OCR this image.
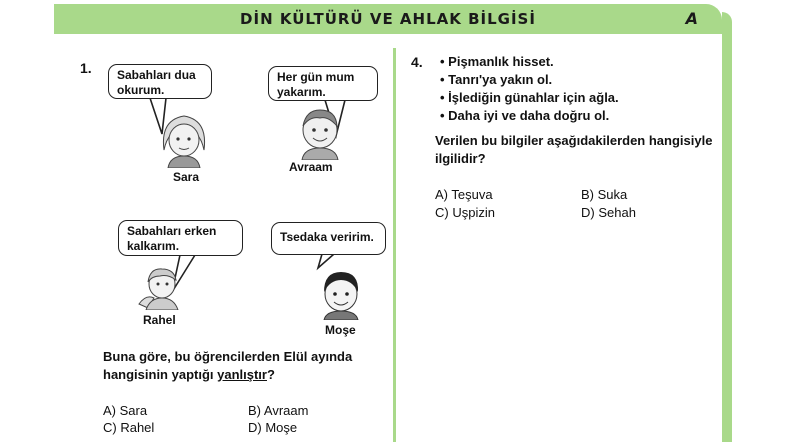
DİN KÜLTÜRÜ VE AHLAK BİLGİSİ	A
1. Sabahları dua
okurum.
Her gün mum
yakarım.
Sabahları erken
kalkarım.
Tsedaka veririm.
Sara
Avraam
Rahel
Moşe
Buna göre, bu öğrencilerden Elül ayında
hangisinin yaptığı yanlıştır?
A) Sara	B) Avraam
C) Rahel	D) Moşe
4. • Pişmanlık hisset.
• Tanrı'ya yakın ol.
• İşlediğin günahlar için ağla.
• Daha iyi ve daha doğru ol.
Verilen bu bilgiler aşağıdakilerden hangisiyle
ilgilidir?
A) Teşuva	B) Suka
C) Uşpizin	D) Sehah
